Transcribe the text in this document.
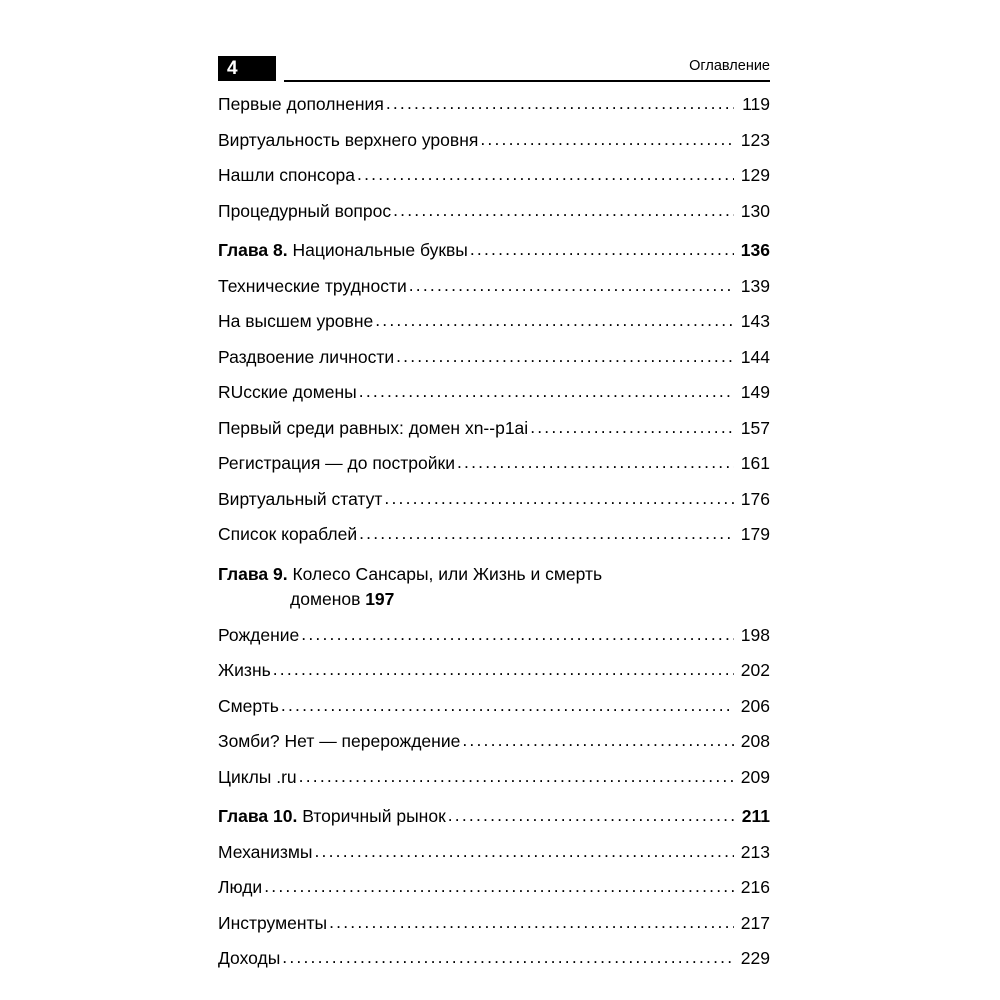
4	Оглавление
Первые дополнения .....	119
Виртуальность верхнего уровня .....	123
Нашли спонсора .....	129
Процедурный вопрос .....	130
Глава 8. Национальные буквы .....	136
Технические трудности .....	139
На высшем уровне .....	143
Раздвоение личности .....	144
RUcские домены .....	149
Первый среди равных: домен xn--p1ai .....	157
Регистрация — до постройки .....	161
Виртуальный статут .....	176
Список кораблей .....	179
Глава 9. Колесо Сансары, или Жизнь и смерть
доменов 197
Рождение .....	198
Жизнь .....	202
Смерть .....	206
Зомби? Нет — перерождение .....	208
Циклы .ru .....	209
Глава 10. Вторичный рынок .....	211
Механизмы .....	213
Люди .....	216
Инструменты .....	217
Доходы .....	229
